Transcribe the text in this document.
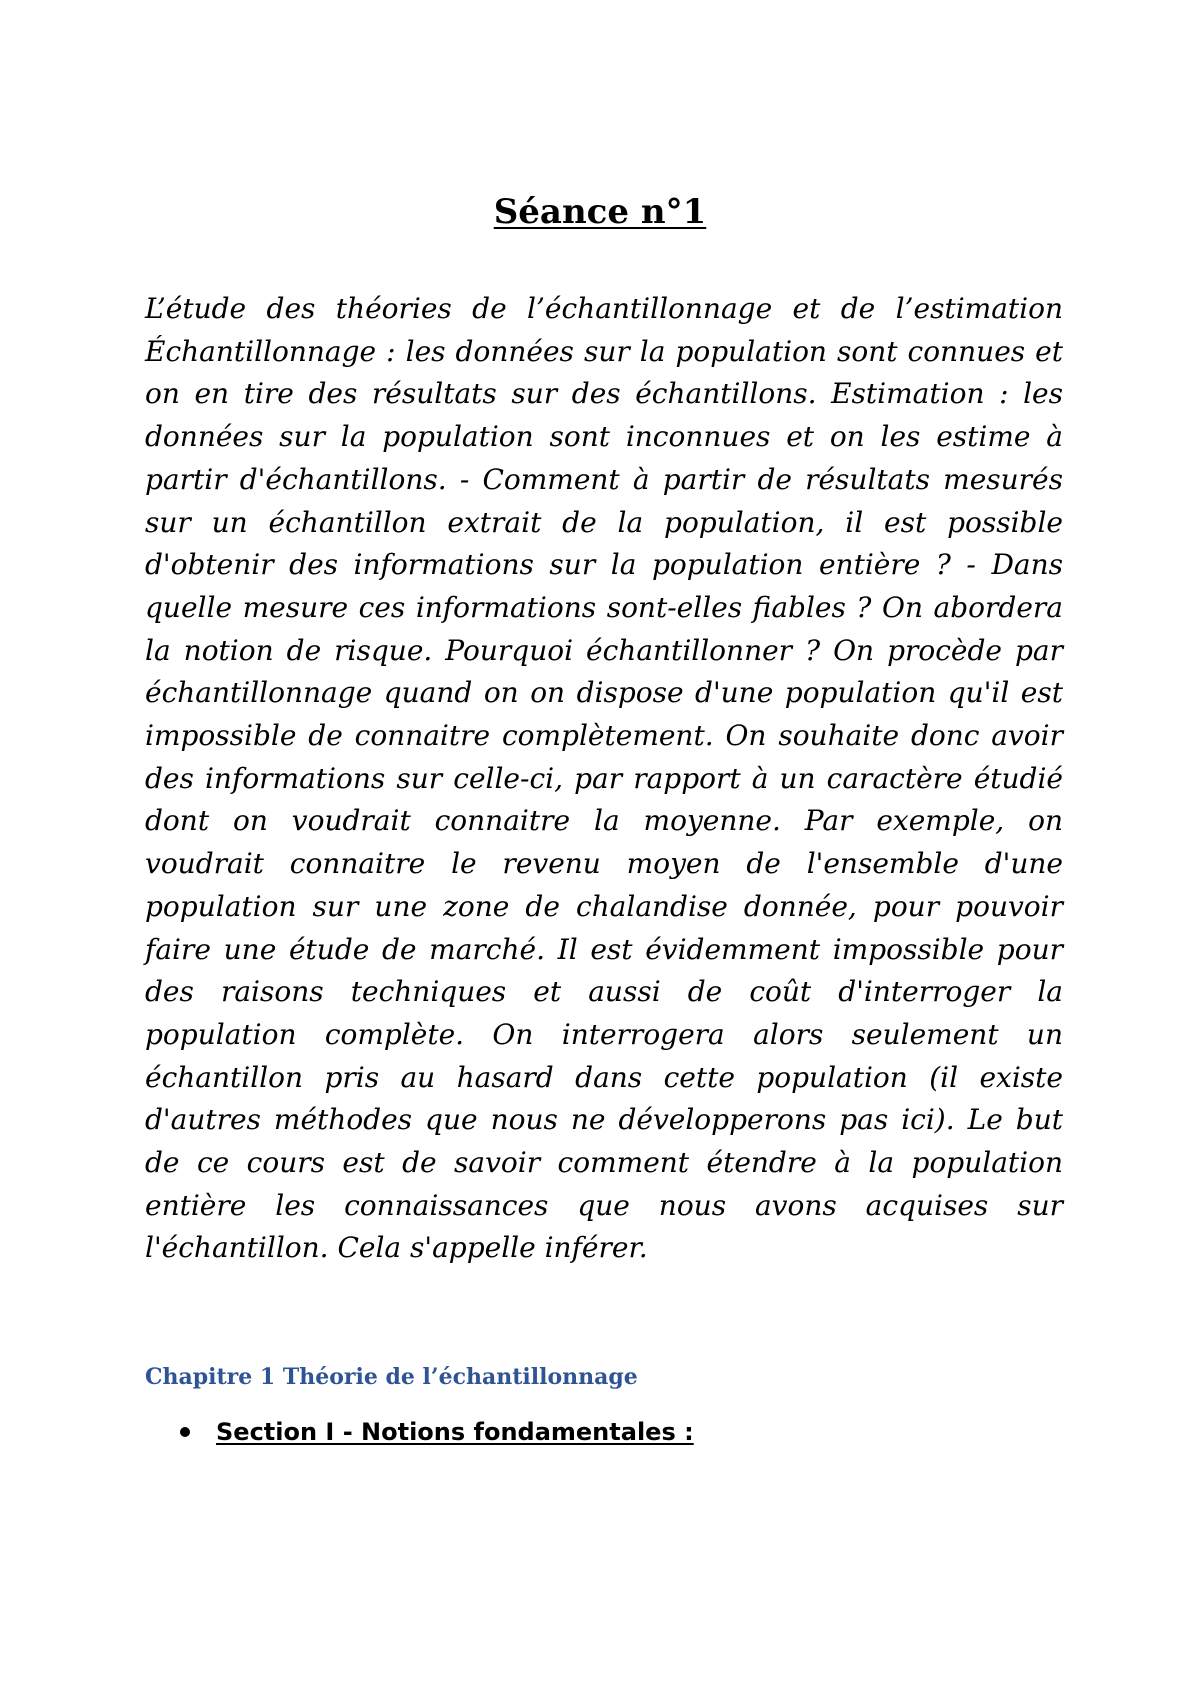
Séance n°1

L’étude des théories de l’échantillonnage et de l’estimation Échantillonnage : les données sur la population sont connues et on en tire des résultats sur des échantillons. Estimation : les données sur la population sont inconnues et on les estime à partir d'échantillons. - Comment à partir de résultats mesurés sur un échantillon extrait de la population, il est possible d'obtenir des informations sur la population entière ? - Dans quelle mesure ces informations sont-elles fiables ? On abordera la notion de risque. Pourquoi échantillonner ? On procède par échantillonnage quand on on dispose d'une population qu'il est impossible de connaitre complètement. On souhaite donc avoir des informations sur celle-ci, par rapport à un caractère étudié dont on voudrait connaitre la moyenne. Par exemple, on voudrait connaitre le revenu moyen de l'ensemble d'une population sur une zone de chalandise donnée, pour pouvoir faire une étude de marché. Il est évidemment impossible pour des raisons techniques et aussi de coût d'interroger la population complète. On interrogera alors seulement un échantillon pris au hasard dans cette population (il existe d'autres méthodes que nous ne développerons pas ici). Le but de ce cours est de savoir comment étendre à la population entière les connaissances que nous avons acquises sur l'échantillon. Cela s'appelle inférer.

Chapitre 1 Théorie de l’échantillonnage
Section I - Notions fondamentales :
